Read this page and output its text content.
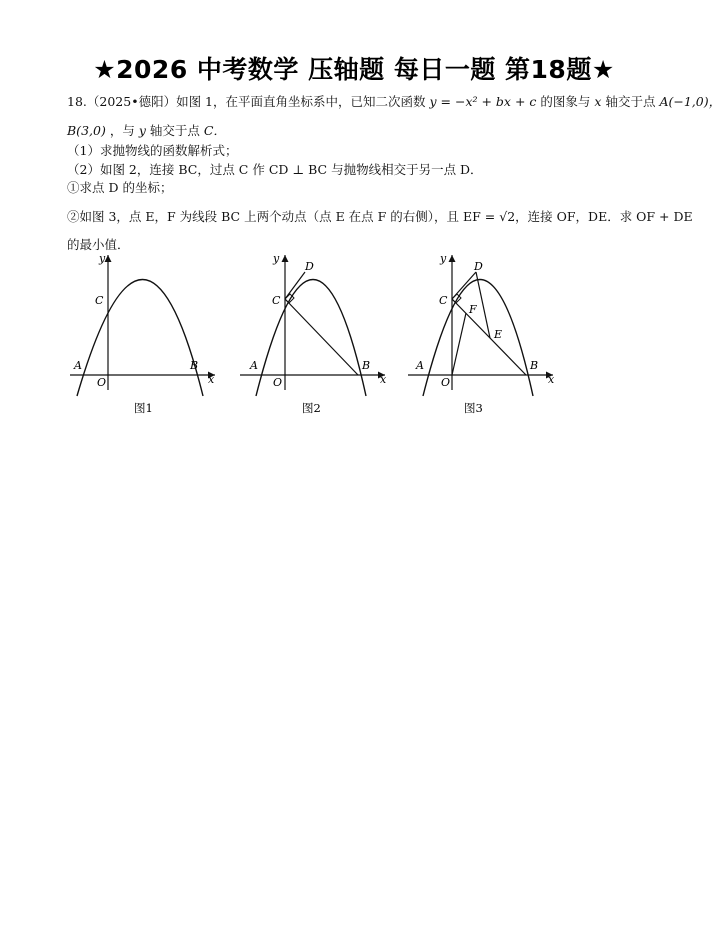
★2026 中考数学 压轴题 每日一题 第18题★
18.（2025•德阳）如图 1，在平面直角坐标系中，已知二次函数 y = −x² + bx + c 的图象与 x 轴交于点 A(−1,0)，
B(3,0) ，与 y 轴交于点 C．
（1）求抛物线的函数解析式；
（2）如图 2，连接 BC，过点 C 作 CD ⊥ BC 与抛物线相交于另一点 D．
①求点 D 的坐标；
②如图 3，点 E，F 为线段 BC 上两个动点（点 E 在点 F 的右侧），且 EF = √2，连接 OF，DE．求 OF + DE
的最小值．
y
x
O
A	B
C
图1
y
x
O
A	B
C
D
图2
y
x
O
A	B
C
D
F
E
图3
